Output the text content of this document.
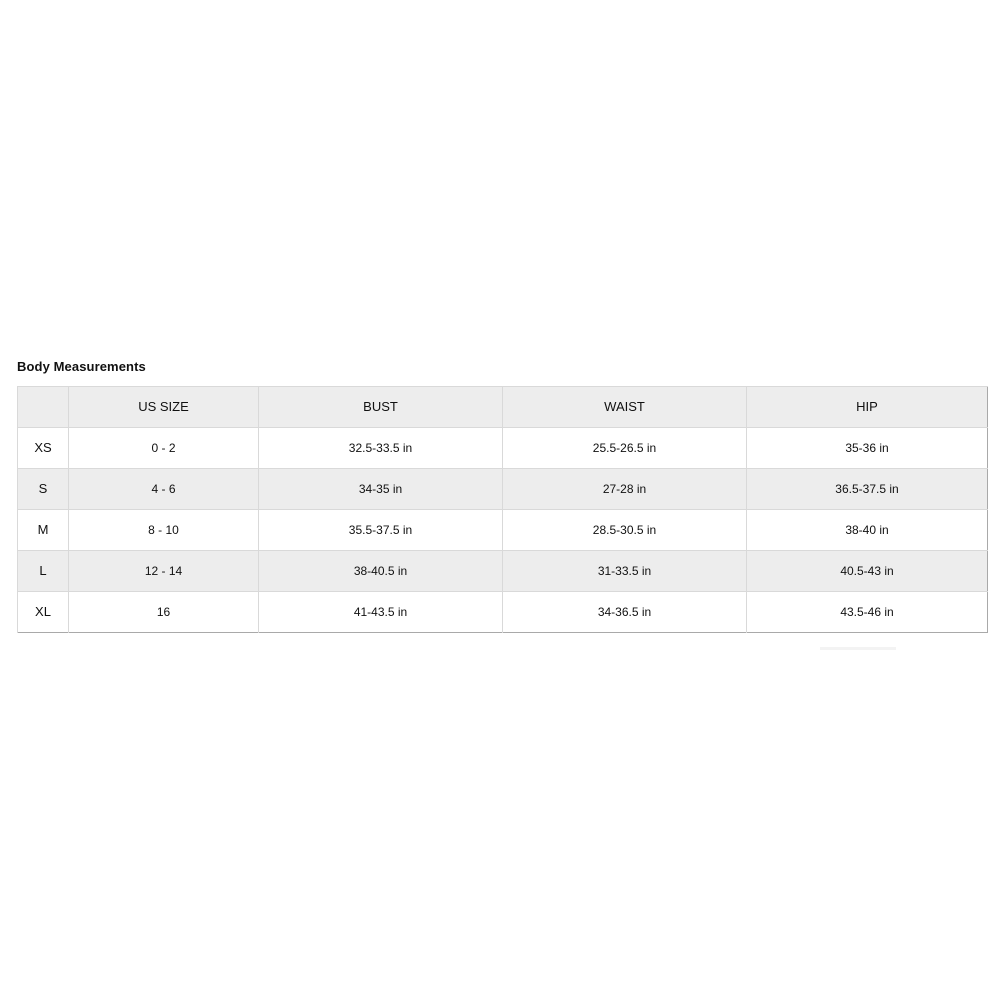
Body Measurements
	US SIZE	BUST	WAIST	HIP
XS	0 - 2	32.5-33.5 in	25.5-26.5 in	35-36 in
S	4 - 6	34-35 in	27-28 in	36.5-37.5 in
M	8 - 10	35.5-37.5 in	28.5-30.5 in	38-40 in
L	12 - 14	38-40.5 in	31-33.5 in	40.5-43 in
XL	16	41-43.5 in	34-36.5 in	43.5-46 in
